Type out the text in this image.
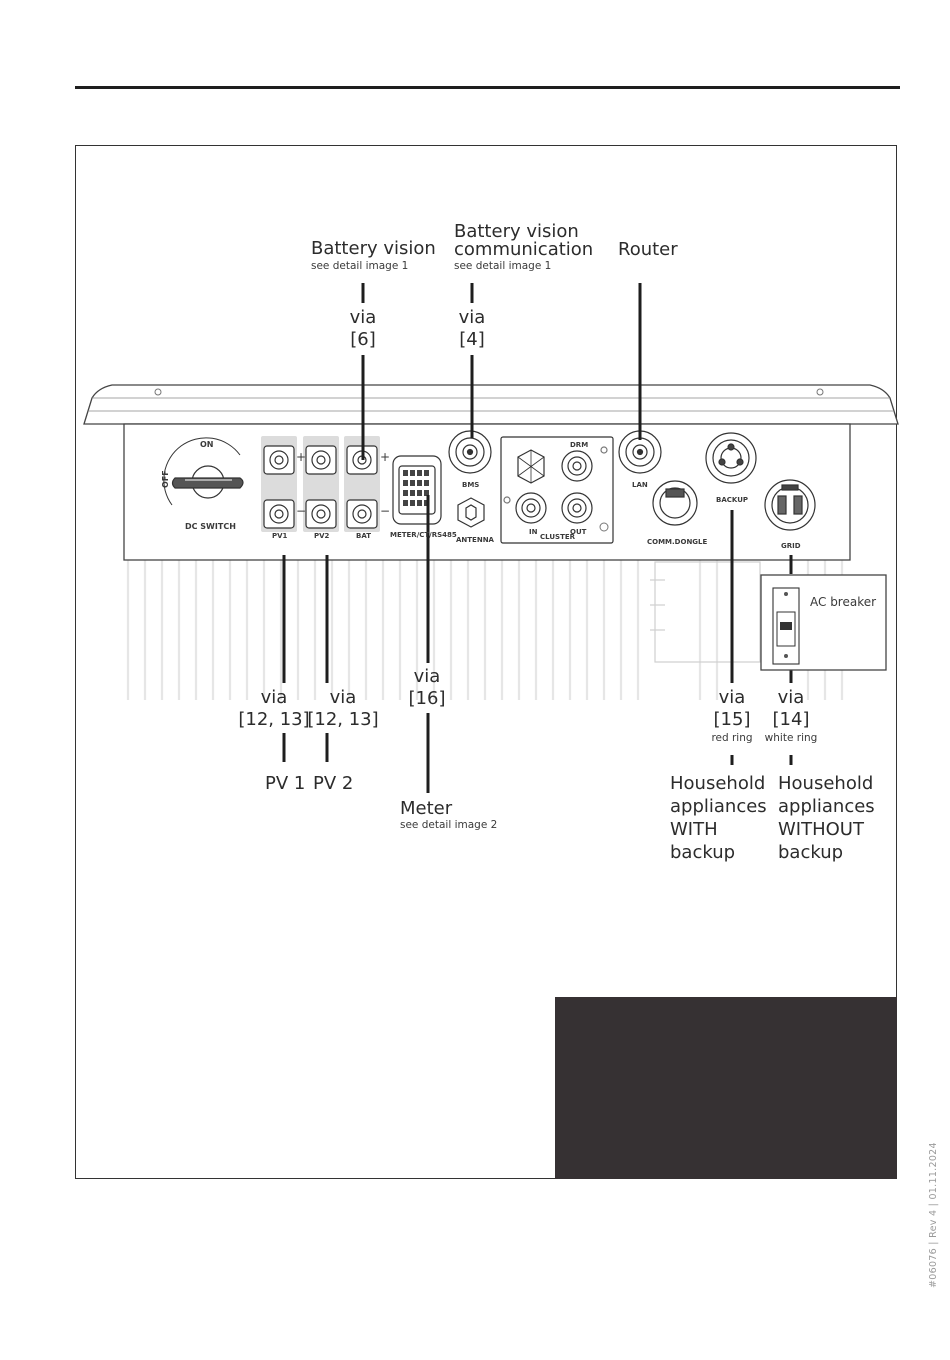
ON
OFF
DC SWITCH
PV1	PV2	BAT
+	+
−	−
METER/CT/RS485
BMS
ANTENNA
DRM
IN	OUT
CLUSTER
LAN
COMM.DONGLE
BACKUP
GRID
Battery vision
see detail image 1
via
[6]
Battery vision
communication
see detail image 1
via
[4]
Router
via
[12, 13]
PV 1
via
[12, 13]
PV 2
via
[16]
Meter
see detail image 2
via
[15]
red ring
Household
appliances
WITH
backup
via
[14]
white ring
Household
appliances
WITHOUT
backup
AC breaker
#06076 | Rev 4 | 01.11.2024
